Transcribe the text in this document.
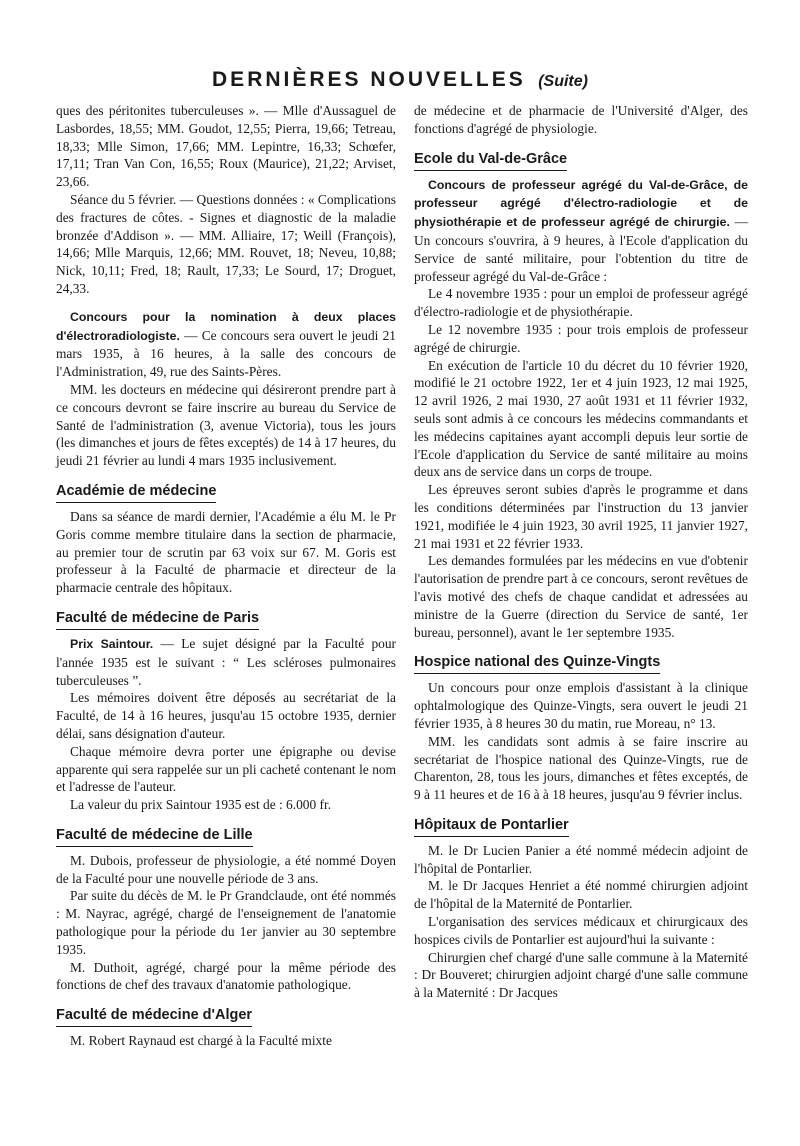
DERNIÈRES NOUVELLES (Suite)

ques des péritonites tuberculeuses ». — Mlle d'Aussaguel de Lasbordes, 18,55; MM. Goudot, 12,55; Pierra, 19,66; Tetreau, 18,33; Mlle Simon, 17,66; MM. Lepintre, 16,33; Schœfer, 17,11; Tran Van Con, 16,55; Roux (Maurice), 21,22; Arviset, 23,66.

Séance du 5 février. — Questions données : « Complications des fractures de côtes. - Signes et diagnostic de la maladie bronzée d'Addison ». — MM. Alliaire, 17; Weill (François), 14,66; Mlle Marquis, 12,66; MM. Rouvet, 18; Neveu, 10,88; Nick, 10,11; Fred, 18; Rault, 17,33; Le Sourd, 17; Droguet, 24,33.

Concours pour la nomination à deux places d'électroradiologiste. — Ce concours sera ouvert le jeudi 21 mars 1935, à 16 heures, à la salle des concours de l'Administration, 49, rue des Saints-Pères.

MM. les docteurs en médecine qui désireront prendre part à ce concours devront se faire inscrire au bureau du Service de Santé de l'administration (3, avenue Victoria), tous les jours (les dimanches et jours de fêtes exceptés) de 14 à 17 heures, du jeudi 21 février au lundi 4 mars 1935 inclusivement.

Académie de médecine

Dans sa séance de mardi dernier, l'Académie a élu M. le Pr Goris comme membre titulaire dans la section de pharmacie, au premier tour de scrutin par 63 voix sur 67. M. Goris est professeur à la Faculté de pharmacie et directeur de la pharmacie centrale des hôpitaux.

Faculté de médecine de Paris

Prix Saintour. — Le sujet désigné par la Faculté pour l'année 1935 est le suivant : “ Les scléroses pulmonaires tuberculeuses ”.

Les mémoires doivent être déposés au secrétariat de la Faculté, de 14 à 16 heures, jusqu'au 15 octobre 1935, dernier délai, sans désignation d'auteur.

Chaque mémoire devra porter une épigraphe ou devise apparente qui sera rappelée sur un pli cacheté contenant le nom et l'adresse de l'auteur.

La valeur du prix Saintour 1935 est de : 6.000 fr.

Faculté de médecine de Lille

M. Dubois, professeur de physiologie, a été nommé Doyen de la Faculté pour une nouvelle période de 3 ans.

Par suite du décès de M. le Pr Grandclaude, ont été nommés : M. Nayrac, agrégé, chargé de l'enseignement de l'anatomie pathologique pour la période du 1er janvier au 30 septembre 1935.

M. Duthoit, agrégé, chargé pour la même période des fonctions de chef des travaux d'anatomie pathologique.

Faculté de médecine d'Alger

M. Robert Raynaud est chargé à la Faculté mixte

de médecine et de pharmacie de l'Université d'Alger, des fonctions d'agrégé de physiologie.

Ecole du Val-de-Grâce

Concours de professeur agrégé du Val-de-Grâce, de professeur agrégé d'électro-radiologie et de physiothérapie et de professeur agrégé de chirurgie. — Un concours s'ouvrira, à 9 heures, à l'Ecole d'application du Service de santé militaire, pour l'obtention du titre de professeur agrégé du Val-de-Grâce :

Le 4 novembre 1935 : pour un emploi de professeur agrégé d'électro-radiologie et de physiothérapie.

Le 12 novembre 1935 : pour trois emplois de professeur agrégé de chirurgie.

En exécution de l'article 10 du décret du 10 février 1920, modifié le 21 octobre 1922, 1er et 4 juin 1923, 12 mai 1925, 12 avril 1926, 2 mai 1930, 27 août 1931 et 11 février 1932, seuls sont admis à ce concours les médecins commandants et les médecins capitaines ayant accompli depuis leur sortie de l'Ecole d'application du Service de santé militaire au moins deux ans de service dans un corps de troupe.

Les épreuves seront subies d'après le programme et dans les conditions déterminées par l'instruction du 13 janvier 1921, modifiée le 4 juin 1923, 30 avril 1925, 11 janvier 1927, 21 mai 1931 et 22 février 1933.

Les demandes formulées par les médecins en vue d'obtenir l'autorisation de prendre part à ce concours, seront revêtues de l'avis motivé des chefs de chaque candidat et adressées au ministre de la Guerre (direction du Service de santé, 1er bureau, personnel), avant le 1er septembre 1935.

Hospice national des Quinze-Vingts

Un concours pour onze emplois d'assistant à la clinique ophtalmologique des Quinze-Vingts, sera ouvert le jeudi 21 février 1935, à 8 heures 30 du matin, rue Moreau, n° 13.

MM. les candidats sont admis à se faire inscrire au secrétariat de l'hospice national des Quinze-Vingts, rue de Charenton, 28, tous les jours, dimanches et fêtes exceptés, de 9 à 11 heures et de 16 à à 18 heures, jusqu'au 9 février inclus.

Hôpitaux de Pontarlier

M. le Dr Lucien Panier a été nommé médecin adjoint de l'hôpital de Pontarlier.

M. le Dr Jacques Henriet a été nommé chirurgien adjoint de l'hôpital de la Maternité de Pontarlier.

L'organisation des services médicaux et chirurgicaux des hospices civils de Pontarlier est aujourd'hui la suivante :

Chirurgien chef chargé d'une salle commune à la Maternité : Dr Bouveret; chirurgien adjoint chargé d'une salle commune à la Maternité : Dr Jacques
